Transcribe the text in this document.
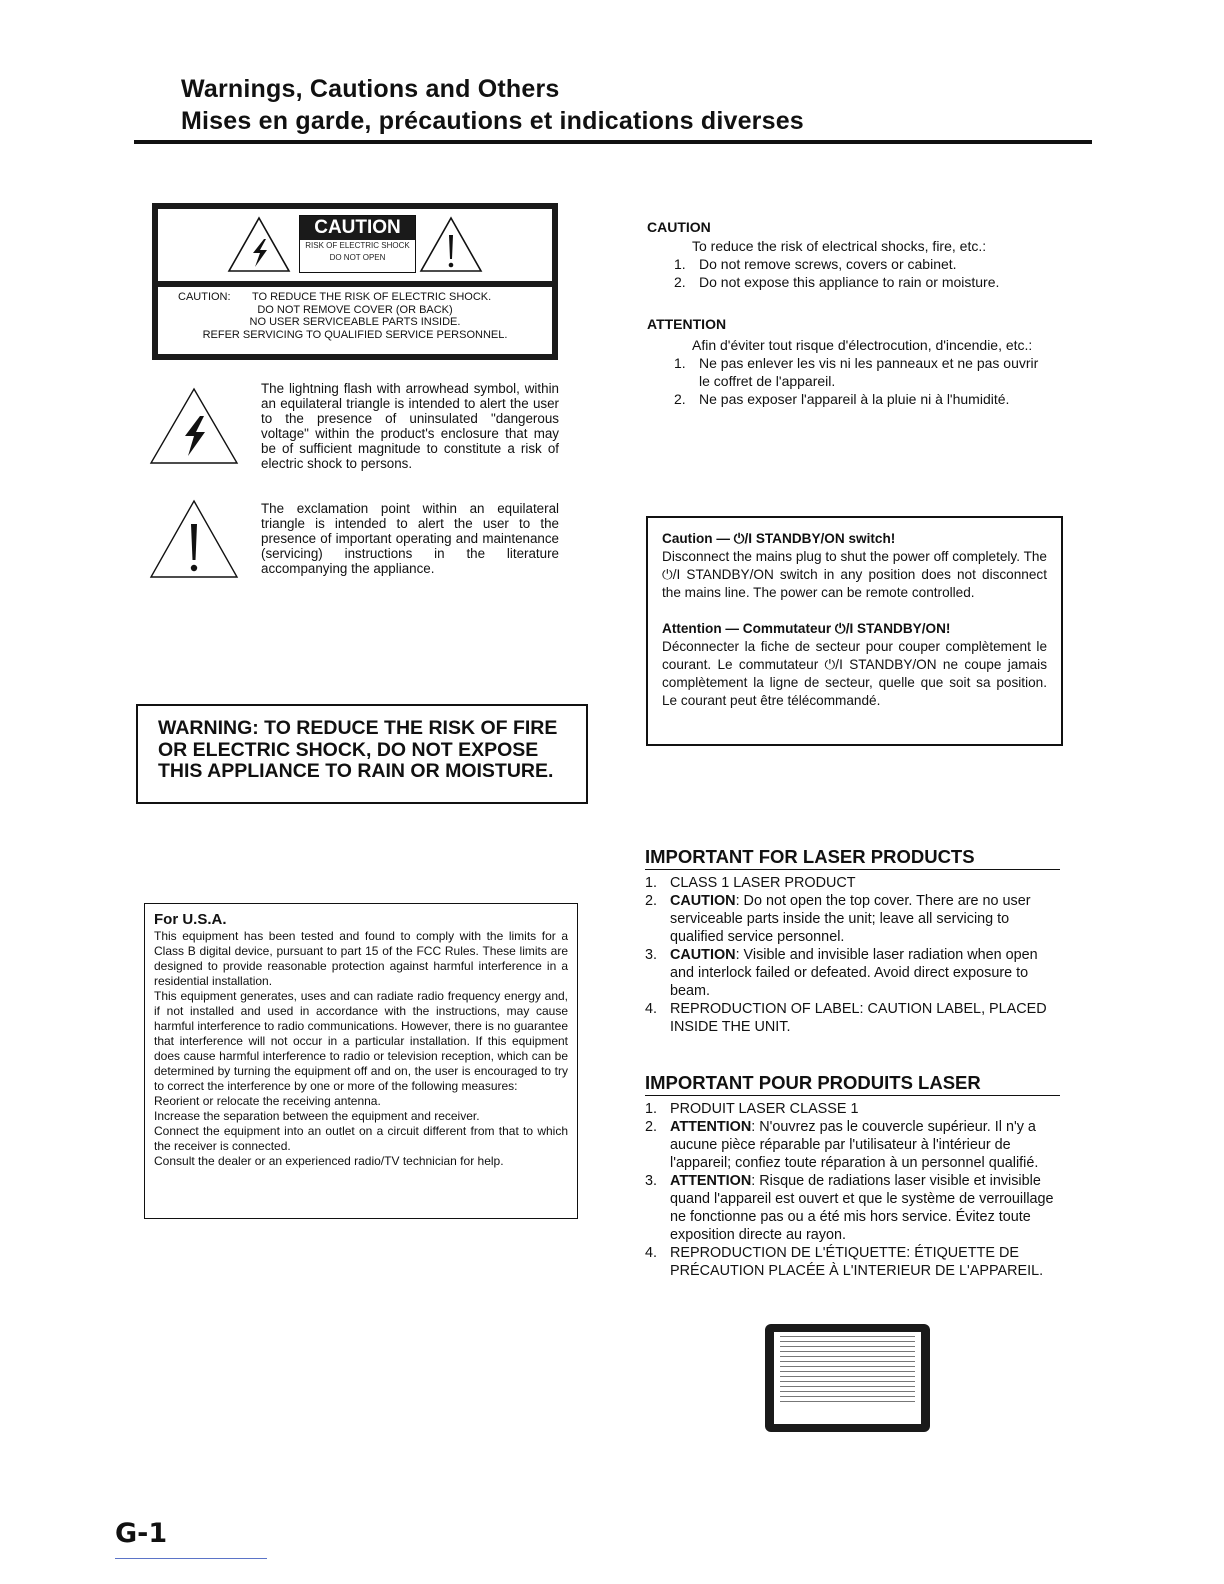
Warnings, Cautions and Others
Mises en garde, précautions et indications diverses
CAUTION
RISK OF ELECTRIC SHOCK
DO NOT OPEN
CAUTION: TO REDUCE THE RISK OF ELECTRIC SHOCK.
DO NOT REMOVE COVER (OR BACK)
NO USER SERVICEABLE PARTS INSIDE.
REFER SERVICING TO QUALIFIED SERVICE PERSONNEL.
The lightning flash with arrowhead symbol, within an equilateral triangle is intended to alert the user to the presence of uninsulated "dangerous voltage" within the product's enclosure that may be of sufficient magnitude to constitute a risk of electric shock to persons.
The exclamation point within an equilateral triangle is intended to alert the user to the presence of important operating and maintenance (servicing) instructions in the literature accompanying the appliance.
WARNING: TO REDUCE THE RISK OF FIRE OR ELECTRIC SHOCK, DO NOT EXPOSE THIS APPLIANCE TO RAIN OR MOISTURE.
For U.S.A.

This equipment has been tested and found to comply with the limits for a Class B digital device, pursuant to part 15 of the FCC Rules. These limits are designed to provide reasonable protection against harmful interference in a residential installation.

This equipment generates, uses and can radiate radio frequency energy and, if not installed and used in accordance with the instructions, may cause harmful interference to radio communications. However, there is no guarantee that interference will not occur in a particular installation. If this equipment does cause harmful interference to radio or television reception, which can be determined by turning the equipment off and on, the user is encouraged to try to correct the interference by one or more of the following measures:

Reorient or relocate the receiving antenna.

Increase the separation between the equipment and receiver.

Connect the equipment into an outlet on a circuit different from that to which the receiver is connected.

Consult the dealer or an experienced radio/TV technician for help.

CAUTION
To reduce the risk of electrical shocks, fire, etc.:
1. Do not remove screws, covers or cabinet.
2. Do not expose this appliance to rain or moisture.
ATTENTION
Afin d'éviter tout risque d'électrocution, d'incendie, etc.:
1. Ne pas enlever les vis ni les panneaux et ne pas ouvrir le coffret de l'appareil.
2. Ne pas exposer l'appareil à la pluie ni à l'humidité.
Caution — ⏻/I STANDBY/ON switch!

Disconnect the mains plug to shut the power off completely. The ⏻/I STANDBY/ON switch in any position does not disconnect the mains line. The power can be remote controlled.

Attention — Commutateur ⏻/I STANDBY/ON!

Déconnecter la fiche de secteur pour couper complètement le courant. Le commutateur ⏻/I STANDBY/ON ne coupe jamais complètement la ligne de secteur, quelle que soit sa position. Le courant peut être télécommandé.

IMPORTANT FOR LASER PRODUCTS
1. CLASS 1 LASER PRODUCT
2. CAUTION: Do not open the top cover. There are no user serviceable parts inside the unit; leave all servicing to qualified service personnel.
3. CAUTION: Visible and invisible laser radiation when open and interlock failed or defeated. Avoid direct exposure to beam.
4. REPRODUCTION OF LABEL: CAUTION LABEL, PLACED INSIDE THE UNIT.
IMPORTANT POUR PRODUITS LASER
1. PRODUIT LASER CLASSE 1
2. ATTENTION: N'ouvrez pas le couvercle supérieur. Il n'y a aucune pièce réparable par l'utilisateur à l'intérieur de l'appareil; confiez toute réparation à un personnel qualifié.
3. ATTENTION: Risque de radiations laser visible et invisible quand l'appareil est ouvert et que le système de verrouillage ne fonctionne pas ou a été mis hors service. Évitez toute exposition directe au rayon.
4. REPRODUCTION DE L'ÉTIQUETTE: ÉTIQUETTE DE PRÉCAUTION PLACÉE À L'INTERIEUR DE L'APPAREIL.
G-1
